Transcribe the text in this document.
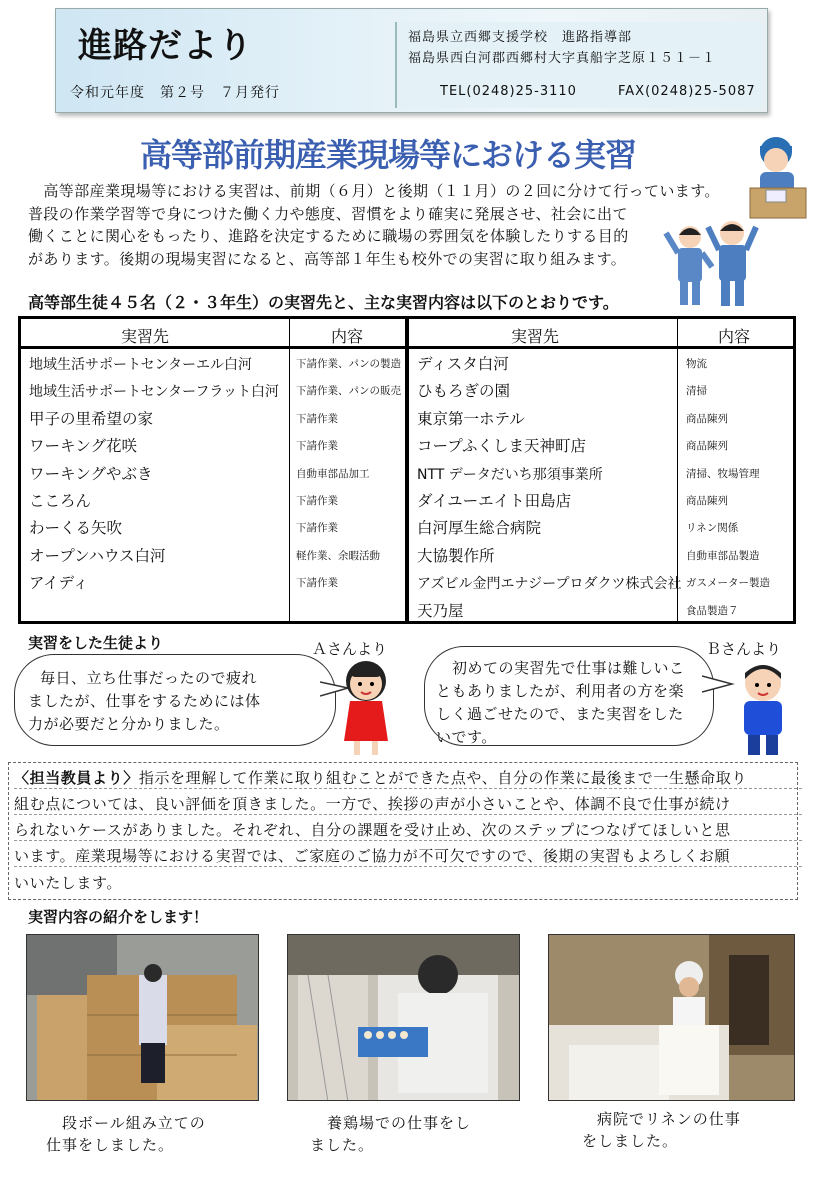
進路だより
令和元年度　第２号　７月発行
福島県立西郷支援学校　進路指導部
福島県西白河郡西郷村大字真船字芝原１５１－１
TEL(0248)25-3110	FAX(0248)25-5087
高等部前期産業現場等における実習
　高等部産業現場等における実習は、前期（６月）と後期（１１月）の２回に分けて行っています。
普段の作業学習等で身につけた働く力や態度、習慣をより確実に発展させ、社会に出て
働くことに関心をもったり、進路を決定するために職場の雰囲気を体験したりする目的
があります。後期の現場実習になると、高等部１年生も校外での実習に取り組みます。
高等部生徒４５名（２・３年生）の実習先と、主な実習内容は以下のとおりです。
実習先	内容	実習先	内容
地域生活サポートセンターエル白河	下請作業、パンの製造
地域生活サポートセンターフラット白河 下請作業、パンの販売
甲子の里希望の家	下請作業
ワーキング花咲	下請作業
ワーキングやぶき	自動車部品加工
こころん	下請作業
わーくる矢吹	下請作業
オープンハウス白河	軽作業、余暇活動
アイディ	下請作業
ディスタ白河	物流
ひもろぎの園	清掃
東京第一ホテル	商品陳列
コープふくしま天神町店	商品陳列
NTT データだいち那須事業所	清掃、牧場管理
ダイユーエイト田島店	商品陳列
白河厚生総合病院	リネン関係
大協製作所	自動車部品製造
アズビル金門エナジープロダクツ株式会社 ガスメーター製造
天乃屋	食品製造７
実習をした生徒より	Ａさんより	Ｂさんより
毎日、立ち仕事だったので疲れ
ましたが、仕事をするためには体
力が必要だと分かりました。
初めての実習先で仕事は難しいこ
ともありましたが、利用者の方を楽
しく過ごせたので、また実習をした
いです。
〈担当教員より〉指示を理解して作業に取り組むことができた点や、自分の作業に最後まで一生懸命取り
組む点については、良い評価を頂きました。一方で、挨拶の声が小さいことや、体調不良で仕事が続け
られないケースがありました。それぞれ、自分の課題を受け止め、次のステップにつなげてほしいと思
います。産業現場等における実習では、ご家庭のご協力が不可欠ですので、後期の実習もよろしくお願
いいたします。
実習内容の紹介をします！
段ボール組み立ての
仕事をしました。
養鶏場での仕事をし
ました。
病院でリネンの仕事
をしました。
